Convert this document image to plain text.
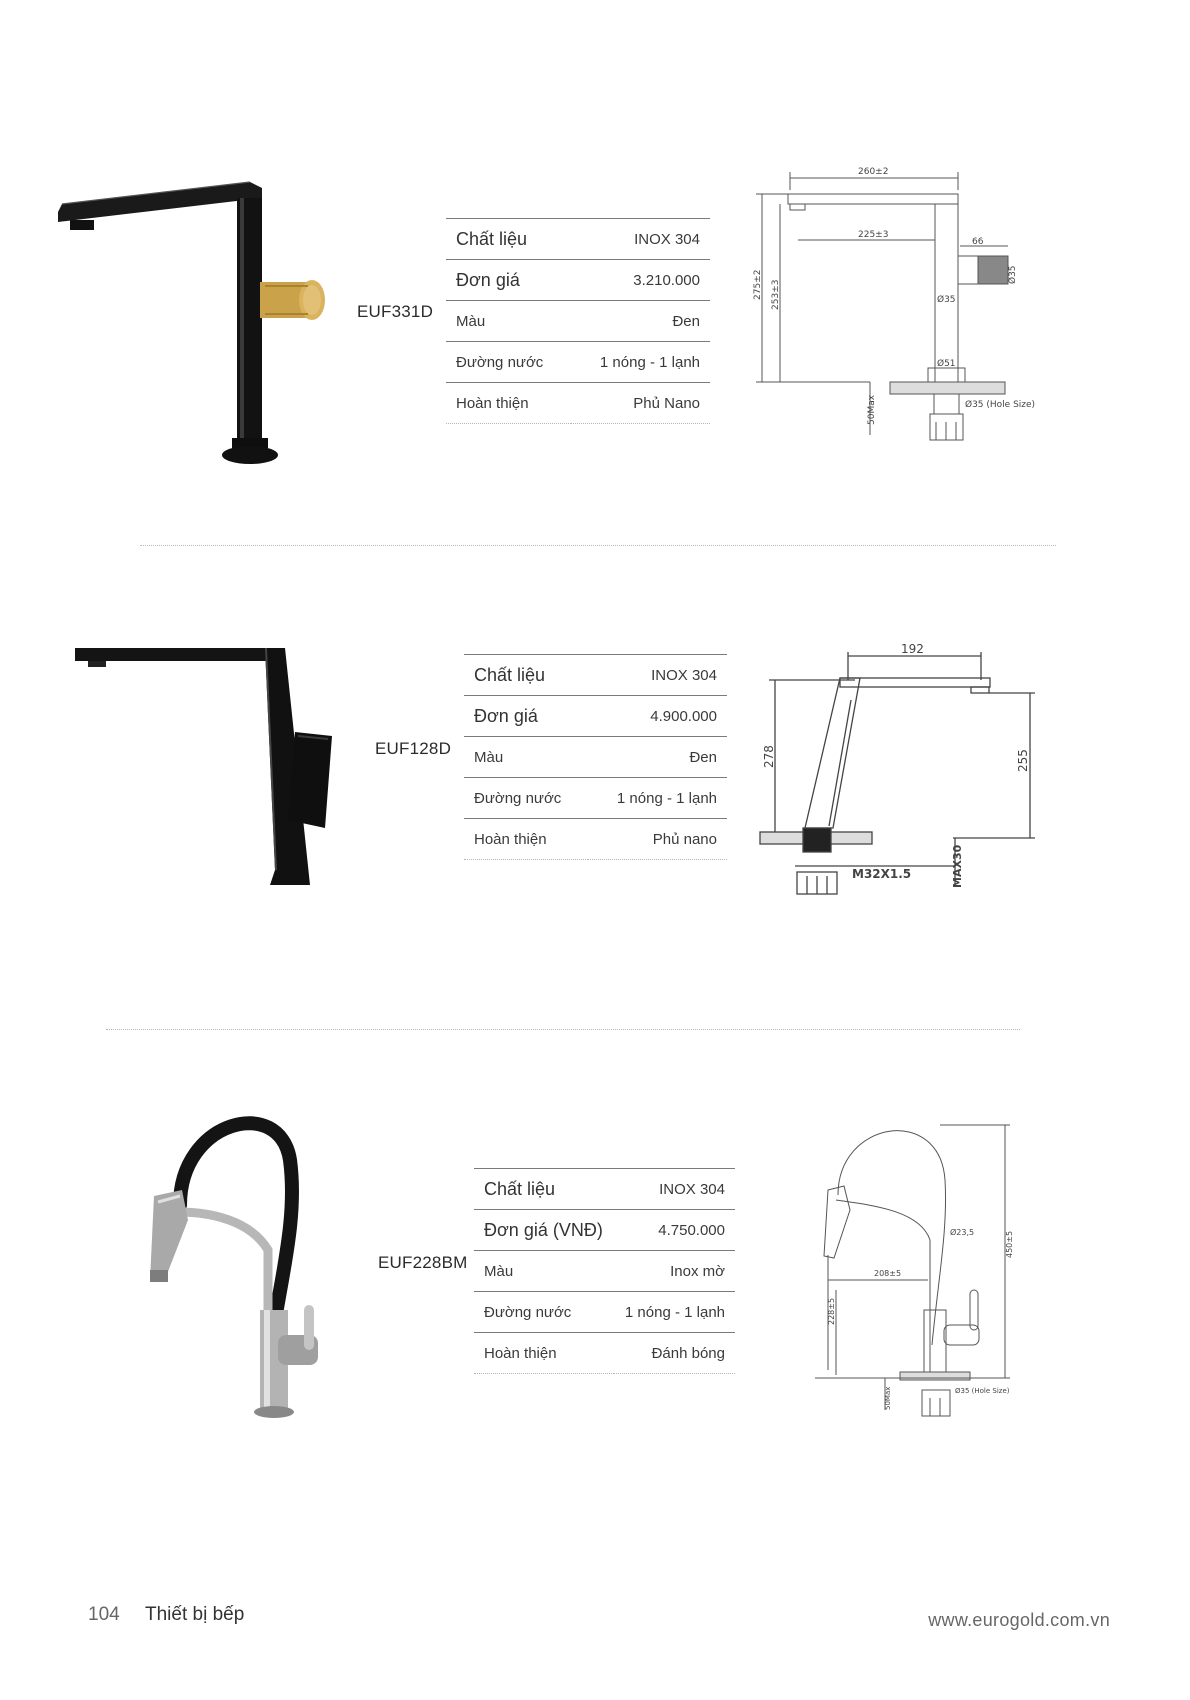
EUF331D
Chất liệu	INOX 304
Đơn giá	3.210.000
Màu	Đen
Đường nước	1 nóng - 1 lạnh
Hoàn thiện	Phủ Nano
260±2
225±3
66
Ø35
275±2 253±3	Ø35
Ø51
Ø35 (Hole Size)
50Max
EUF128D
Chất liệu	INOX 304
Đơn giá	4.900.000
Màu	Đen
Đường nước	1 nóng - 1 lạnh
Hoàn thiện	Phủ nano
192
278	255
M32X1.5	MAX30
EUF228BM
Chất liệu	INOX 304
Đơn giá (VNĐ)	4.750.000
Màu	Inox mờ
Đường nước	1 nóng - 1 lạnh
Hoàn thiện	Đánh bóng
Ø23,5
208±5
450±5
228±5
Ø35 (Hole Size)
50Max
104 Thiết bị bếp	www.eurogold.com.vn
